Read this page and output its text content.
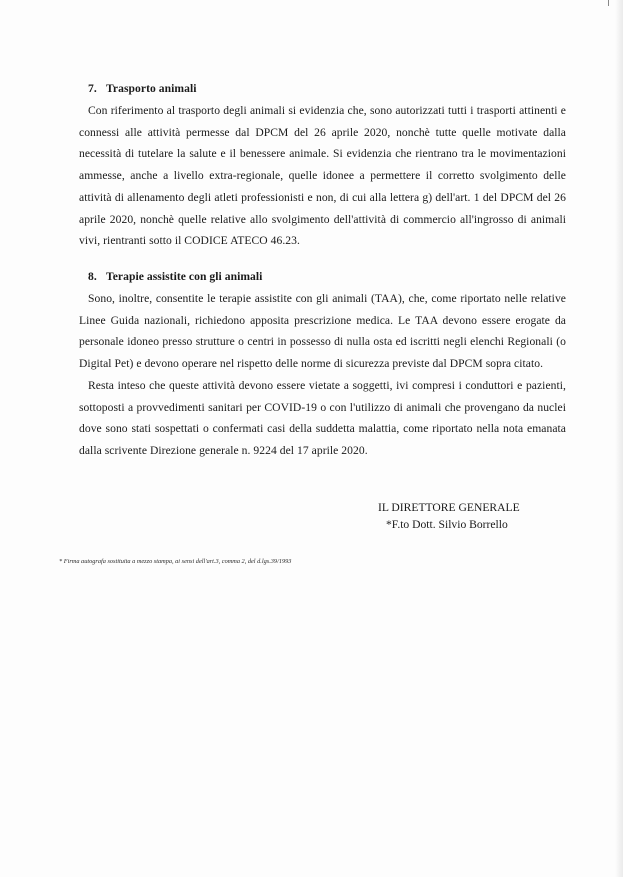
7. Trasporto animali

Con riferimento al trasporto degli animali si evidenzia che, sono autorizzati tutti i trasporti attinenti e connessi alle attività permesse dal DPCM del 26 aprile 2020, nonchè tutte quelle motivate dalla necessità di tutelare la salute e il benessere animale. Si evidenzia che rientrano tra le movimentazioni ammesse, anche a livello extra-regionale, quelle idonee a permettere il corretto svolgimento delle attività di allenamento degli atleti professionisti e non, di cui alla lettera g) dell'art. 1 del DPCM del 26 aprile 2020, nonchè quelle relative allo svolgimento dell'attività di commercio all'ingrosso di animali vivi, rientranti sotto il CODICE ATECO 46.23.

8. Terapie assistite con gli animali

Sono, inoltre, consentite le terapie assistite con gli animali (TAA), che, come riportato nelle relative Linee Guida nazionali, richiedono apposita prescrizione medica. Le TAA devono essere erogate da personale idoneo presso strutture o centri in possesso di nulla osta ed iscritti negli elenchi Regionali (o Digital Pet) e devono operare nel rispetto delle norme di sicurezza previste dal DPCM sopra citato.

Resta inteso che queste attività devono essere vietate a soggetti, ivi compresi i conduttori e pazienti, sottoposti a provvedimenti sanitari per COVID-19 o con l'utilizzo di animali che provengano da nuclei dove sono stati sospettati o confermati casi della suddetta malattia, come riportato nella nota emanata dalla scrivente Direzione generale n. 9224 del 17 aprile 2020.

IL DIRETTORE GENERALE
*F.to Dott. Silvio Borrello
* Firma autografa sostituita a mezzo stampa, ai sensi dell'art.3, comma 2, del d.lgs.39/1993
